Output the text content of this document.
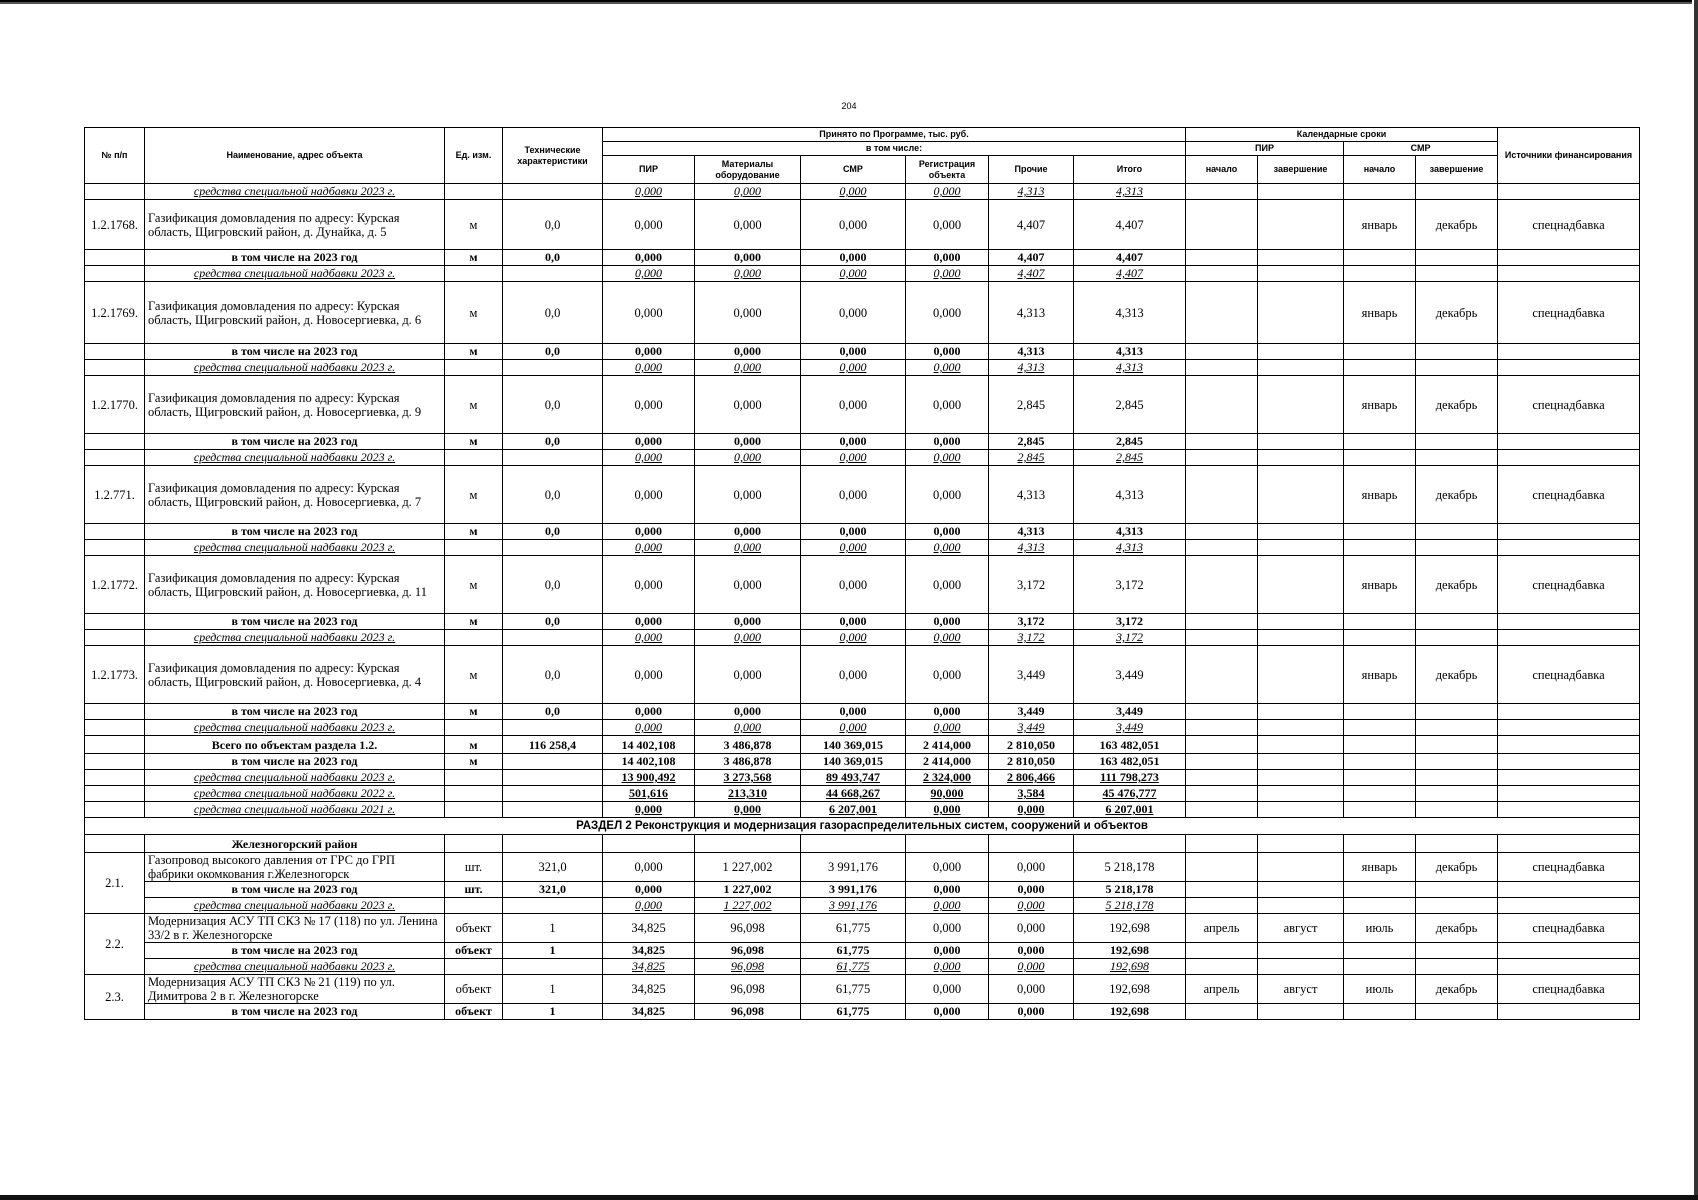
204
№ п/п	Наименование, адрес объекта	Ед. изм.	Технические характеристики	Принято по Программе, тыс. руб.						Календарные сроки				Источники финансирования
				в том числе:						ПИР		СМР		
				ПИР	Материалы оборудование	СМР	Регистрация объекта	Прочие	Итого	начало	завершение	начало	завершение	
	средства специальной надбавки 2023 г.			0,000	0,000	0,000	0,000	4,313	4,313					
1.2.1768.	Газификация домовладения по адресу: Курская область, Щигровский район, д. Дунайка, д. 5	м	0,0	0,000	0,000	0,000	0,000	4,407	4,407			январь	декабрь	спецнадбавка
	в том числе на 2023 год	м	0,0	0,000	0,000	0,000	0,000	4,407	4,407					
	средства специальной надбавки 2023 г.			0,000	0,000	0,000	0,000	4,407	4,407					
1.2.1769.	Газификация домовладения по адресу: Курская область, Щигровский район, д. Новосергиевка, д. 6	м	0,0	0,000	0,000	0,000	0,000	4,313	4,313			январь	декабрь	спецнадбавка
	в том числе на 2023 год	м	0,0	0,000	0,000	0,000	0,000	4,313	4,313					
	средства специальной надбавки 2023 г.			0,000	0,000	0,000	0,000	4,313	4,313					
1.2.1770.	Газификация домовладения по адресу: Курская область, Щигровский район, д. Новосергиевка, д. 9	м	0,0	0,000	0,000	0,000	0,000	2,845	2,845			январь	декабрь	спецнадбавка
	в том числе на 2023 год	м	0,0	0,000	0,000	0,000	0,000	2,845	2,845					
	средства специальной надбавки 2023 г.			0,000	0,000	0,000	0,000	2,845	2,845					
1.2.771.	Газификация домовладения по адресу: Курская область, Щигровский район, д. Новосергиевка, д. 7	м	0,0	0,000	0,000	0,000	0,000	4,313	4,313			январь	декабрь	спецнадбавка
	в том числе на 2023 год	м	0,0	0,000	0,000	0,000	0,000	4,313	4,313					
	средства специальной надбавки 2023 г.			0,000	0,000	0,000	0,000	4,313	4,313					
1.2.1772.	Газификация домовладения по адресу: Курская область, Щигровский район, д. Новосергиевка, д. 11	м	0,0	0,000	0,000	0,000	0,000	3,172	3,172			январь	декабрь	спецнадбавка
	в том числе на 2023 год	м	0,0	0,000	0,000	0,000	0,000	3,172	3,172					
	средства специальной надбавки 2023 г.			0,000	0,000	0,000	0,000	3,172	3,172					
1.2.1773.	Газификация домовладения по адресу: Курская область, Щигровский район, д. Новосергиевка, д. 4	м	0,0	0,000	0,000	0,000	0,000	3,449	3,449			январь	декабрь	спецнадбавка
	в том числе на 2023 год	м	0,0	0,000	0,000	0,000	0,000	3,449	3,449					
	средства специальной надбавки 2023 г.			0,000	0,000	0,000	0,000	3,449	3,449					
	Всего по объектам раздела 1.2.	м	116 258,4	14 402,108	3 486,878	140 369,015	2 414,000	2 810,050	163 482,051					
	в том числе на 2023 год	м		14 402,108	3 486,878	140 369,015	2 414,000	2 810,050	163 482,051					
	средства специальной надбавки 2023 г.			13 900,492	3 273,568	89 493,747	2 324,000	2 806,466	111 798,273					
	средства специальной надбавки 2022 г.			501,616	213,310	44 668,267	90,000	3,584	45 476,777					
	средства специальной надбавки 2021 г.			0,000	0,000	6 207,001	0,000	0,000	6 207,001					
РАЗДЕЛ 2 Реконструкция и модернизация газораспределительных систем, сооружений и объектов														
	Железногорский район													
2.1.	Газопровод высокого давления от ГРС до ГРП фабрики окомкования г.Железногорск	шт.	321,0	0,000	1 227,002	3 991,176	0,000	0,000	5 218,178			январь	декабрь	спецнадбавка
	в том числе на 2023 год	шт.	321,0	0,000	1 227,002	3 991,176	0,000	0,000	5 218,178					
	средства специальной надбавки 2023 г.			0,000	1 227,002	3 991,176	0,000	0,000	5 218,178					
2.2.	Модернизация АСУ ТП СКЗ № 17 (118) по ул. Ленина 33/2 в г. Железногорске	объект	1	34,825	96,098	61,775	0,000	0,000	192,698	апрель	август	июль	декабрь	спецнадбавка
	в том числе на 2023 год	объект	1	34,825	96,098	61,775	0,000	0,000	192,698					
	средства специальной надбавки 2023 г.			34,825	96,098	61,775	0,000	0,000	192,698					
2.3.	Модернизация АСУ ТП СКЗ № 21 (119) по ул. Димитрова 2 в г. Железногорске	объект	1	34,825	96,098	61,775	0,000	0,000	192,698	апрель	август	июль	декабрь	спецнадбавка
	в том числе на 2023 год	объект	1	34,825	96,098	61,775	0,000	0,000	192,698					
